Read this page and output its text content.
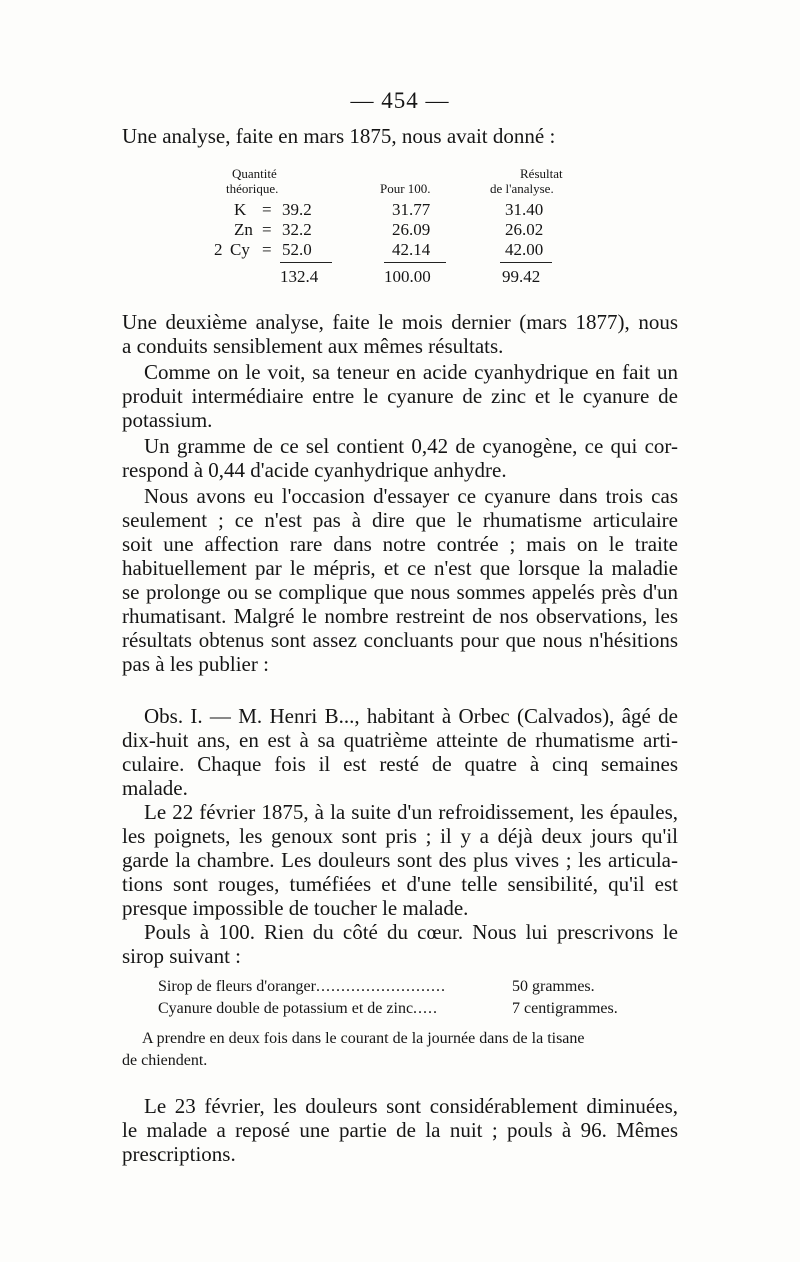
— 454 —
Une analyse, faite en mars 1875, nous avait donné :
Quantité
théorique.	Pour 100.
Résultat
de l'analyse.
K = 39.2	31.77	31.40
Zn = 32.2	26.09	26.02
2 Cy = 52.0	42.14	42.00
132.4	100.00	99.42
Une deuxième analyse, faite le mois dernier (mars 1877), nous
a conduits sensiblement aux mêmes résultats.
Comme on le voit, sa teneur en acide cyanhydrique en fait un
produit intermédiaire entre le cyanure de zinc et le cyanure de
potassium.
Un gramme de ce sel contient 0,42 de cyanogène, ce qui cor-
respond à 0,44 d'acide cyanhydrique anhydre.
Nous avons eu l'occasion d'essayer ce cyanure dans trois cas
seulement ; ce n'est pas à dire que le rhumatisme articulaire
soit une affection rare dans notre contrée ; mais on le traite
habituellement par le mépris, et ce n'est que lorsque la maladie
se prolonge ou se complique que nous sommes appelés près d'un
rhumatisant. Malgré le nombre restreint de nos observations, les
résultats obtenus sont assez concluants pour que nous n'hésitions
pas à les publier :
Obs. I. — M. Henri B..., habitant à Orbec (Calvados), âgé de
dix-huit ans, en est à sa quatrième atteinte de rhumatisme arti-
culaire. Chaque fois il est resté de quatre à cinq semaines
malade.
Le 22 février 1875, à la suite d'un refroidissement, les épaules,
les poignets, les genoux sont pris ; il y a déjà deux jours qu'il
garde la chambre. Les douleurs sont des plus vives ; les articula-
tions sont rouges, tuméfiées et d'une telle sensibilité, qu'il est
presque impossible de toucher le malade.
Pouls à 100. Rien du côté du cœur. Nous lui prescrivons le
sirop suivant :
Sirop de fleurs d'oranger..........................	50 grammes.
Cyanure double de potassium et de zinc.....	7 centigrammes.
A prendre en deux fois dans le courant de la journée dans de la tisane
de chiendent.
Le 23 février, les douleurs sont considérablement diminuées,
le malade a reposé une partie de la nuit ; pouls à 96. Mêmes
prescriptions.
